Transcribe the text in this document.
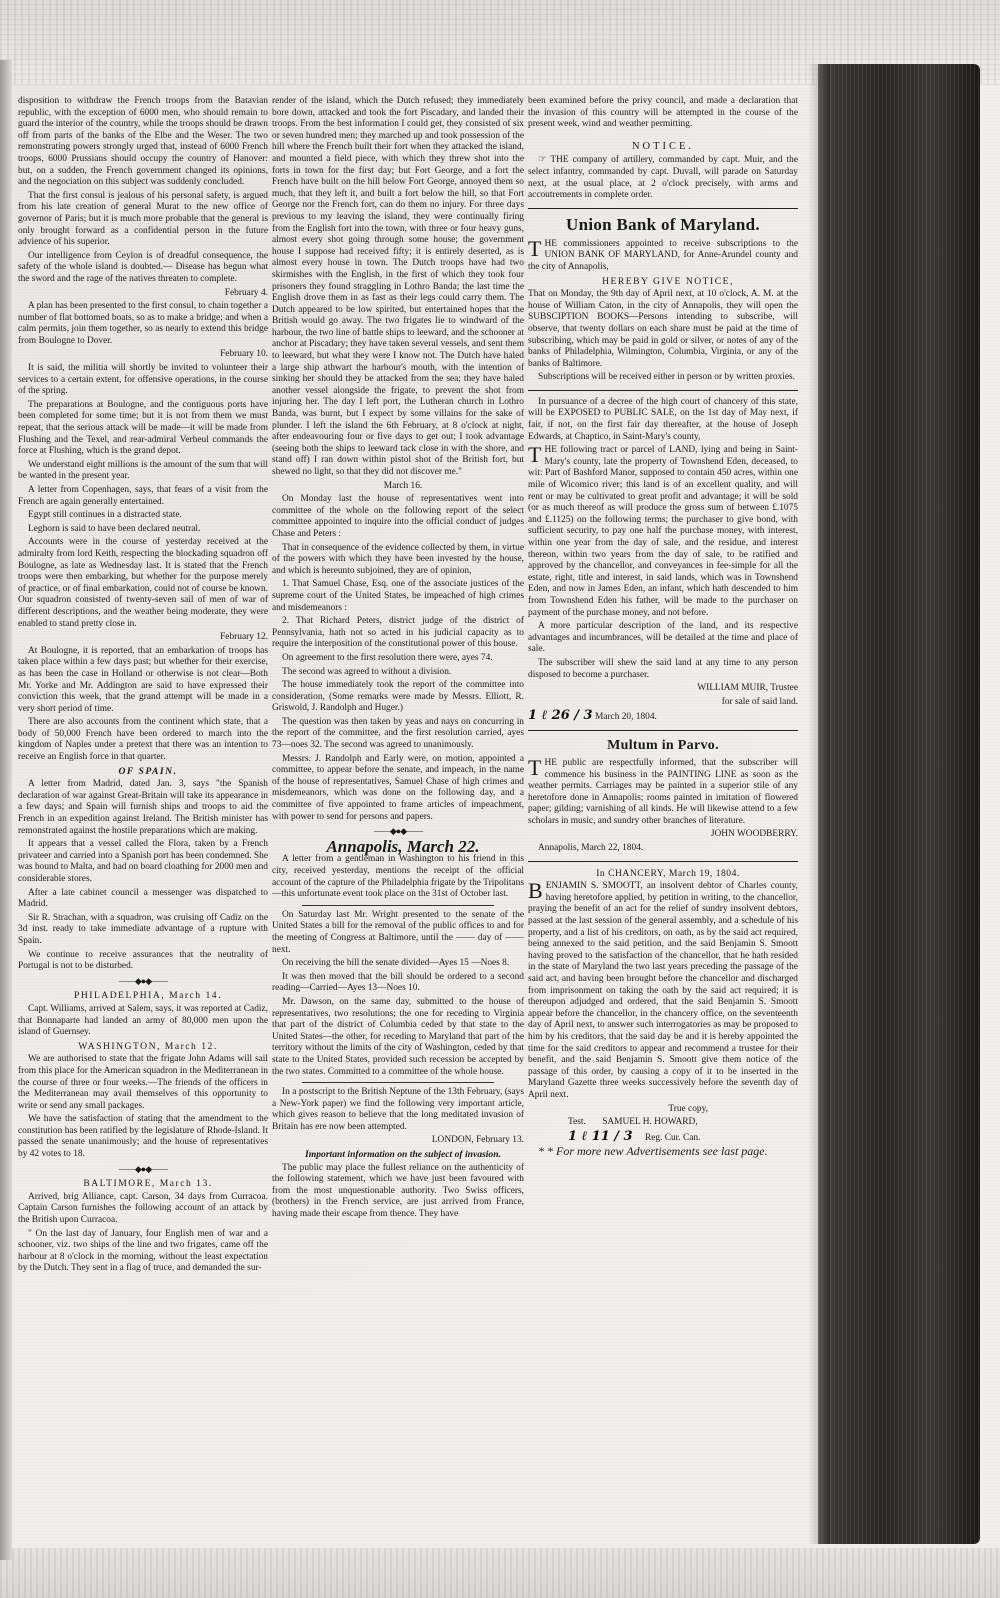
disposition to withdraw the French troops from the Batavian republic, with the exception of 6000 men, who should remain to guard the interior of the country, while the troops should be drawn off from parts of the banks of the Elbe and the Weser. The two remonstrating powers strongly urged that, instead of 6000 French troops, 6000 Prussians should occupy the country of Hanover: but, on a sudden, the French government changed its opinions, and the negociation on this subject was suddenly concluded.

That the first consul is jealous of his personal safety, is argued from his late creation of general Murat to the new office of governor of Paris; but it is much more probable that the general is only brought forward as a confidential person in the future advience of his superior.

Our intelligence from Ceylon is of dreadful consequence, the safety of the whole island is doubted.— Disease has begun what the sword and the rage of the natives threaten to complete.

February 4.

A plan has been presented to the first consul, to chain together a number of flat bottomed boats, so as to make a bridge; and when a calm permits, join them together, so as nearly to extend this bridge from Boulogne to Dover.

February 10.

It is said, the militia will shortly be invited to volunteer their services to a certain extent, for offensive operations, in the course of the spring.

The preparations at Boulogne, and the contiguous ports have been completed for some time; but it is not from them we must repeat, that the serious attack will be made—it will be made from Flushing and the Texel, and rear-admiral Verheul commands the force at Flushing, which is the grand depot.

We understand eight millions is the amount of the sum that will be wanted in the present year.

A letter from Copenhagen, says, that fears of a visit from the French are again generally entertained.

Egypt still continues in a distracted state.

Leghorn is said to have been declared neutral.

Accounts were in the course of yesterday received at the admiralty from lord Keith, respecting the blockading squadron off Boulogne, as late as Wednesday last. It is stated that the French troops were then embarking, but whether for the purpose merely of practice, or of final embarkation, could not of course be known. Our squadron consisted of twenty-seven sail of men of war of different descriptions, and the weather being moderate, they were enabled to stand pretty close in.

February 12.

At Boulogne, it is reported, that an embarkation of troops has taken place within a few days past; but whether for their exercise, as has been the case in Holland or otherwise is not clear—Both Mr. Yorke and Mr. Addington are said to have expressed their conviction this week, that the grand attempt will be made in a very short period of time.

There are also accounts from the continent which state, that a body of 50,000 French have been ordered to march into the kingdom of Naples under a pretext that there was an intention to receive an English force in that quarter.

OF SPAIN.

A letter from Madrid, dated Jan. 3, says "the Spanish declaration of war against Great-Britain will take its appearance in a few days; and Spain will furnish ships and troops to aid the French in an expedition against Ireland. The British minister has remonstrated against the hostile preparations which are making.

It appears that a vessel called the Flora, taken by a French privateer and carried into a Spanish port has been condemned. She was bound to Malta, and had on board cloathing for 2000 men and considerable stores.

After a late cabinet council a messenger was dispatched to Madrid.

Sir R. Strachan, with a squadron, was cruising off Cadiz on the 3d inst. ready to take immediate advantage of a rupture with Spain.

We continue to receive assurances that the neutrality of Portugal is not to be disturbed.

——◆●◆——

PHILADELPHIA, March 14.

Capt. Williams, arrived at Salem, says, it was reported at Cadiz, that Bonnaparte had landed an army of 80,000 men upon the island of Guernsey.

WASHINGTON, March 12.

We are authorised to state that the frigate John Adams will sail from this place for the American squadron in the Mediterranean in the course of three or four weeks.—The friends of the officers in the Mediterranean may avail themselves of this opportunity to write or send any small packages.

We have the satisfaction of stating that the amendment to the constitution has been ratified by the legislature of Rhode-Island. It passed the senate unanimously; and the house of representatives by 42 votes to 18.

——◆●◆——

BALTIMORE, March 13.

Arrived, brig Alliance, capt. Carson, 34 days from Curracoa. Captain Carson furnishes the following account of an attack by the British upon Curracoa.

" On the last day of January, four English men of war and a schooner, viz. two ships of the line and two frigates, came off the harbour at 8 o'clock in the morning, without the least expectation by the Dutch. They sent in a flag of truce, and demanded the sur-

render of the island, which the Dutch refused; they immediately bore down, attacked and took the fort Piscadary, and landed their troops. From the best information I could get, they consisted of six or seven hundred men; they marched up and took possession of the hill where the French built their fort when they attacked the island, and mounted a field piece, with which they threw shot into the forts in town for the first day; but Fort George, and a fort the French have built on the hill below Fort George, annoyed them so much, that they left it, and built a fort below the hill, so that Fort George nor the French fort, can do them no injury. For three days previous to my leaving the island, they were continually firing from the English fort into the town, with three or four heavy guns, almost every shot going through some house; the government house I suppose had received fifty; it is entirely deserted, as is almost every house in town. The Dutch troops have had two skirmishes with the English, in the first of which they took four prisoners they found straggling in Lothro Banda; the last time the English drove them in as fast as their legs could carry them. The Dutch appeared to be low spirited, but entertained hopes that the British would go away. The two frigates lie to windward of the harbour, the two line of battle ships to leeward, and the schooner at anchor at Piscadary; they have taken several vessels, and sent them to leeward, but what they were I know not. The Dutch have haled a large ship athwart the harbour's mouth, with the intention of sinking her should they be attacked from the sea; they have haled another vessel alongside the frigate, to prevent the shot from injuring her. The day I left port, the Lutheran church in Lothro Banda, was burnt, but I expect by some villains for the sake of plunder. I left the island the 6th February, at 8 o'clock at night, after endeavouring four or five days to get out; I took advantage (seeing both the ships to leeward tack close in with the shore, and stand off) I ran down within pistol shot of the British fort, but shewed no light, so that they did not discover me."

March 16.

On Monday last the house of representatives went into committee of the whole on the following report of the select committee appointed to inquire into the official conduct of judges Chase and Peters :

That in consequence of the evidence collected by them, in virtue of the powers with which they have been invested by the house, and which is hereunto subjoined, they are of opinion,

1. That Samuel Chase, Esq. one of the associate justices of the supreme court of the United States, be impeached of high crimes and misdemeanors :

2. That Richard Peters, district judge of the district of Pennsylvania, hath not so acted in his judicial capacity as to require the interposition of the constitutional power of this house.

On agreement to the first resolution there were, ayes 74.

The second was agreed to without a division.

The house immediately took the report of the committee into consideration, (Some remarks were made by Messrs. Elliott, R. Griswold, J. Randolph and Huger.)

The question was then taken by yeas and nays on concurring in the report of the committee, and the first resolution carried, ayes 73—noes 32. The second was agreed to unanimously.

Messrs. J. Randolph and Early were, on motion, appointed a committee, to appear before the senate, and impeach, in the name of the house of representatives, Samuel Chase of high crimes and misdemeanors, which was done on the following day, and a committee of five appointed to frame articles of impeachment, with power to send for persons and papers.

——◆●◆——

Annapolis, March 22.

A letter from a gentleman in Washington to his friend in this city, received yesterday, mentions the receipt of the official account of the capture of the Philadelphia frigate by the Tripolitans—this unfortunate event took place on the 31st of October last.

On Saturday last Mr. Wright presented to the senate of the United States a bill for the removal of the public offices to and for the meeting of Congress at Baltimore, until the —— day of —— next.

On receiving the bill the senate divided—Ayes 15 —Noes 8.

It was then moved that the bill should be ordered to a second reading—Carried—Ayes 13—Noes 10.

Mr. Dawson, on the same day, submitted to the house of representatives, two resolutions; the one for receding to Virginia that part of the district of Columbia ceded by that state to the United States—the other, for receding to Maryland that part of the territory without the limits of the city of Washington, ceded by that state to the United States, provided such recession be accepted by the two states. Committed to a committee of the whole house.

In a postscript to the British Neptune of the 13th February, (says a New-York paper) we find the following very important article, which gives reason to believe that the long meditated invasion of Britain has ere now been attempted.

LONDON, February 13.

Important information on the subject of invasion.

The public may place the fullest reliance on the authenticity of the following statement, which we have just been favoured with from the most unquestionable authority. Two Swiss officers, (brothers) in the French service, are just arrived from France, having made their escape from thence. They have

been examined before the privy council, and made a declaration that the invasion of this country will be attempted in the course of the present week, wind and weather permitting.

NOTICE.

☞ THE company of artillery, commanded by capt. Muir, and the select infantry, commanded by capt. Duvall, will parade on Saturday next, at the usual place, at 2 o'clock precisely, with arms and accoutrements in complete order.

Union Bank of Maryland.

THE commissioners appointed to receive subscriptions to the UNION BANK OF MARYLAND, for Anne-Arundel county and the city of Annapolis,

HEREBY GIVE NOTICE,

That on Monday, the 9th day of April next, at 10 o'clock, A. M. at the house of William Caton, in the city of Annapolis, they will open the SUBSCIPTION BOOKS—Persons intending to subscribe, will observe, that twenty dollars on each share must be paid at the time of subscribing, which may be paid in gold or silver, or notes of any of the banks of Philadelphia, Wilmington, Columbia, Virginia, or any of the banks of Baltimore.

Subscriptions will be received either in person or by written proxies.

In pursuance of a decree of the high court of chancery of this state, will be EXPOSED to PUBLIC SALE, on the 1st day of May next, if fair, if not, on the first fair day thereafter, at the house of Joseph Edwards, at Chaptico, in Saint-Mary's county,

THE following tract or parcel of LAND, lying and being in Saint-Mary's county, late the property of Townshend Eden, deceased, to wit: Part of Bashford Manor, supposed to contain 450 acres, within one mile of Wicomico river; this land is of an excellent quality, and will rent or may be cultivated to great profit and advantage; it will be sold (or as much thereof as will produce the gross sum of between £.1075 and £.1125) on the following terms; the purchaser to give bond, with sufficient security, to pay one half the purchase money, with interest, within one year from the day of sale, and the residue, and interest thereon, within two years from the day of sale, to be ratified and approved by the chancellor, and conveyances in fee-simple for all the estate, right, title and interest, in said lands, which was in Townshend Eden, and now in James Eden, an infant, which hath descended to him from Townshend Eden his father, will be made to the purchaser on payment of the purchase money, and not before.

A more particular description of the land, and its respective advantages and incumbrances, will be detailed at the time and place of sale.

The subscriber will shew the said land at any time to any person disposed to become a purchaser.

WILLIAM MUIR, Trustee

for sale of said land.

1 ℓ 26 / 3 March 20, 1804.

Multum in Parvo.

THE public are respectfully informed, that the subscriber will commence his business in the PAINTING LINE as soon as the weather permits. Carriages may be painted in a superior stile of any heretofore done in Annapolis; rooms painted in imitation of flowered paper; gilding; varnishing of all kinds. He will likewise attend to a few scholars in music, and sundry other branches of literature.

JOHN WOODBERRY.

Annapolis, March 22, 1804.

In CHANCERY, March 19, 1804.

BENJAMIN S. SMOOTT, an insolvent debtor of Charles county, having heretofore applied, by petition in writing, to the chancellor, praying the benefit of an act for the relief of sundry insolvent debtors, passed at the last session of the general assembly, and a schedule of his property, and a list of his creditors, on oath, as by the said act required, being annexed to the said petition, and the said Benjamin S. Smoott having proved to the satisfaction of the chancellor, that he hath resided in the state of Maryland the two last years preceding the passage of the said act, and having been brought before the chancellor and discharged from imprisonment on taking the oath by the said act required; it is thereupon adjudged and ordered, that the said Benjamin S. Smoott appear before the chancellor, in the chancery office, on the seventeenth day of April next, to answer such interrogatories as may be proposed to him by his creditors, that the said day be and it is hereby appointed the time for the said creditors to appear and recommend a trustee for their benefit, and the said Benjamin S. Smoott give them notice of the passage of this order, by causing a copy of it to be inserted in the Maryland Gazette three weeks successively before the seventh day of April next.

True copy,

Test. SAMUEL H. HOWARD,

1 ℓ 11 / 3 Reg. Cur. Can.

* * For more new Advertisements see last page.
